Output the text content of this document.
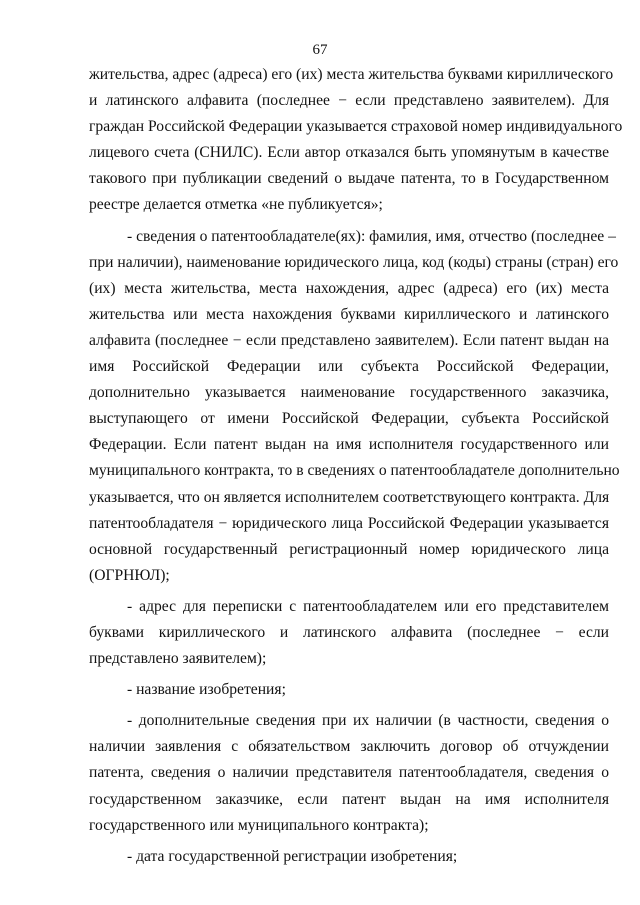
67
жительства, адрес (адреса) его (их) места жительства буквами кириллического
и латинского алфавита (последнее − если представлено заявителем). Для
граждан Российской Федерации указывается страховой номер индивидуального
лицевого счета (СНИЛС). Если автор отказался быть упомянутым в качестве
такового при публикации сведений о выдаче патента, то в Государственном
реестре делается отметка «не публикуется»;
- сведения о патентообладателе(ях): фамилия, имя, отчество (последнее –
при наличии), наименование юридического лица, код (коды) страны (стран) его
(их) места жительства, места нахождения, адрес (адреса) его (их) места
жительства или места нахождения буквами кириллического и латинского
алфавита (последнее − если представлено заявителем). Если патент выдан на
имя Российской Федерации или субъекта Российской Федерации,
дополнительно указывается наименование государственного заказчика,
выступающего от имени Российской Федерации, субъекта Российской
Федерации. Если патент выдан на имя исполнителя государственного или
муниципального контракта, то в сведениях о патентообладателе дополнительно
указывается, что он является исполнителем соответствующего контракта. Для
патентообладателя − юридического лица Российской Федерации указывается
основной государственный регистрационный номер юридического лица
(ОГРНЮЛ);
- адрес для переписки с патентообладателем или его представителем
буквами кириллического и латинского алфавита (последнее − если
представлено заявителем);
- название изобретения;
- дополнительные сведения при их наличии (в частности, сведения о
наличии заявления с обязательством заключить договор об отчуждении
патента, сведения о наличии представителя патентообладателя, сведения о
государственном заказчике, если патент выдан на имя исполнителя
государственного или муниципального контракта);
- дата государственной регистрации изобретения;
